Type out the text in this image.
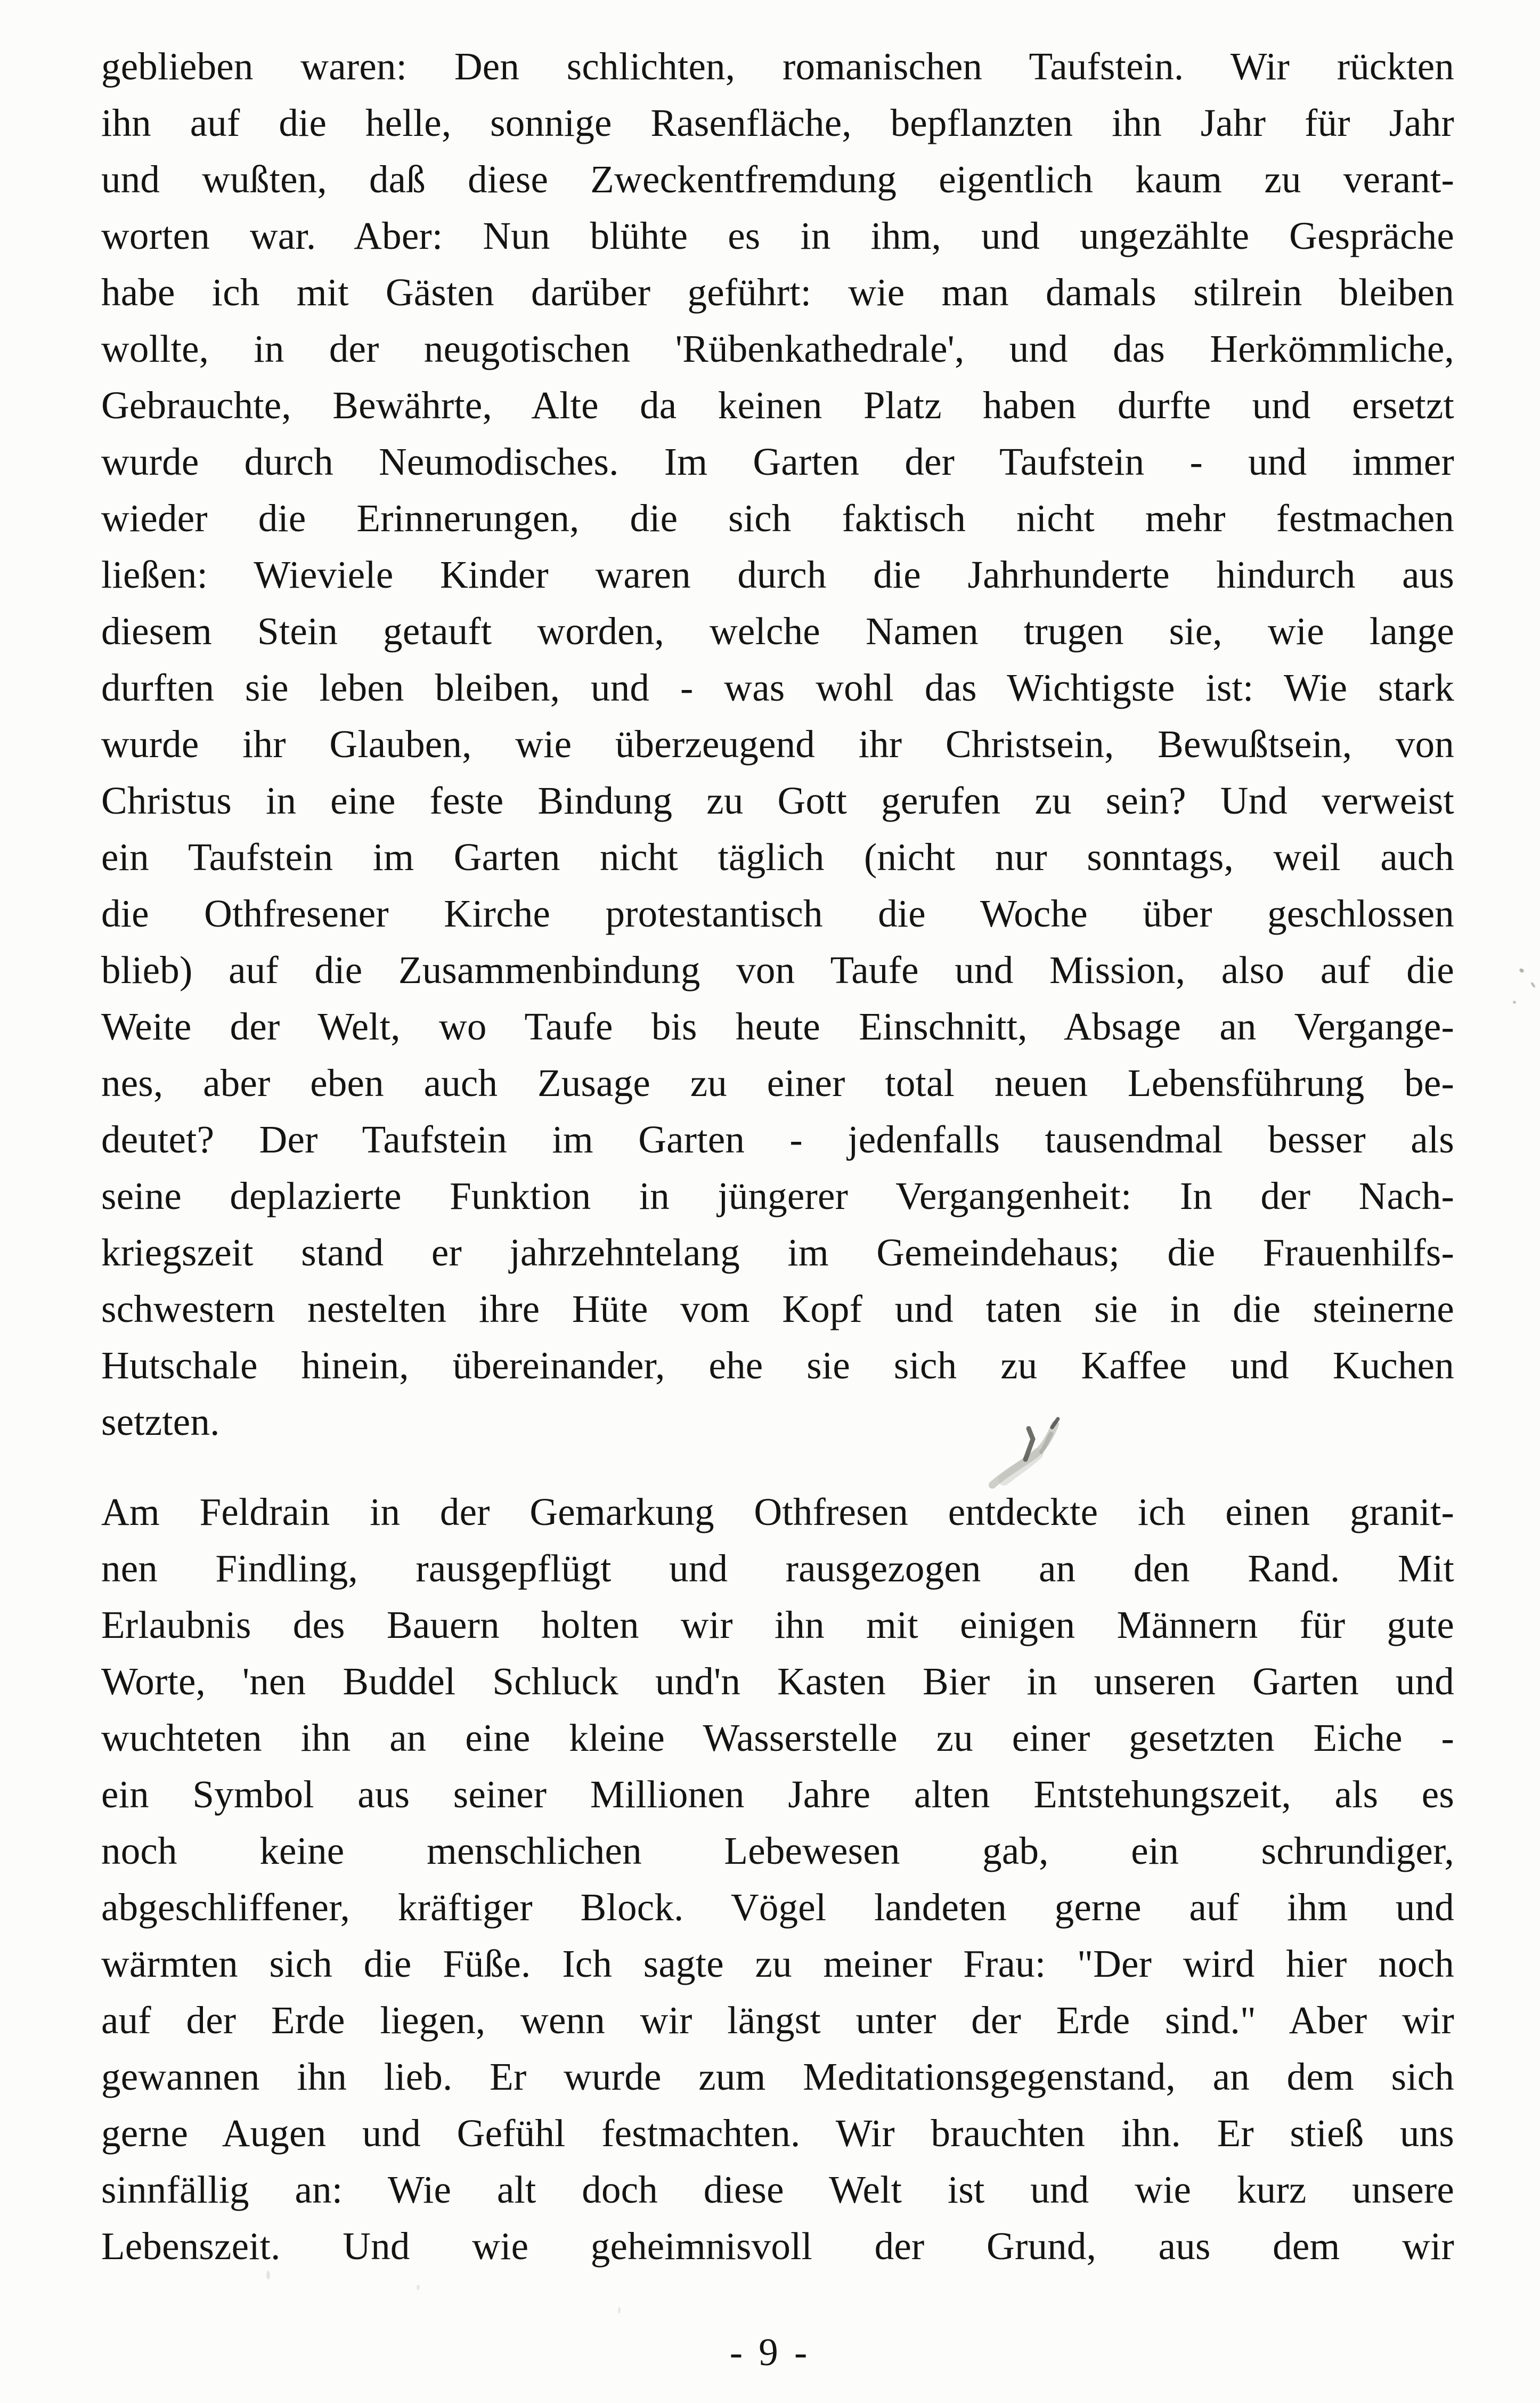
geblieben waren: Den schlichten, romanischen Taufstein. Wir rückten
ihn auf die helle, sonnige Rasenfläche, bepflanzten ihn Jahr für Jahr
und wußten, daß diese Zweckentfremdung eigentlich kaum zu verant-
worten war. Aber: Nun blühte es in ihm, und ungezählte Gespräche
habe ich mit Gästen darüber geführt: wie man damals stilrein bleiben
wollte, in der neugotischen 'Rübenkathedrale', und das Herkömmliche,
Gebrauchte, Bewährte, Alte da keinen Platz haben durfte und ersetzt
wurde durch Neumodisches. Im Garten der Taufstein - und immer
wieder die Erinnerungen, die sich faktisch nicht mehr festmachen
ließen: Wieviele Kinder waren durch die Jahrhunderte hindurch aus
diesem Stein getauft worden, welche Namen trugen sie, wie lange
durften sie leben bleiben, und - was wohl das Wichtigste ist: Wie stark
wurde ihr Glauben, wie überzeugend ihr Christsein, Bewußtsein, von
Christus in eine feste Bindung zu Gott gerufen zu sein? Und verweist
ein Taufstein im Garten nicht täglich (nicht nur sonntags, weil auch
die Othfresener Kirche protestantisch die Woche über geschlossen
blieb) auf die Zusammenbindung von Taufe und Mission, also auf die
Weite der Welt, wo Taufe bis heute Einschnitt, Absage an Vergange-
nes, aber eben auch Zusage zu einer total neuen Lebensführung be-
deutet? Der Taufstein im Garten - jedenfalls tausendmal besser als
seine deplazierte Funktion in jüngerer Vergangenheit: In der Nach-
kriegszeit stand er jahrzehntelang im Gemeindehaus; die Frauenhilfs-
schwestern nestelten ihre Hüte vom Kopf und taten sie in die steinerne
Hutschale hinein, übereinander, ehe sie sich zu Kaffee und Kuchen
setzten.
Am Feldrain in der Gemarkung Othfresen entdeckte ich einen granit-
nen Findling, rausgepflügt und rausgezogen an den Rand. Mit
Erlaubnis des Bauern holten wir ihn mit einigen Männern für gute
Worte, 'nen Buddel Schluck und'n Kasten Bier in unseren Garten und
wuchteten ihn an eine kleine Wasserstelle zu einer gesetzten Eiche -
ein Symbol aus seiner Millionen Jahre alten Entstehungszeit, als es
noch keine menschlichen Lebewesen gab, ein schrundiger,
abgeschliffener, kräftiger Block. Vögel landeten gerne auf ihm und
wärmten sich die Füße. Ich sagte zu meiner Frau: "Der wird hier noch
auf der Erde liegen, wenn wir längst unter der Erde sind." Aber wir
gewannen ihn lieb. Er wurde zum Meditationsgegenstand, an dem sich
gerne Augen und Gefühl festmachten. Wir brauchten ihn. Er stieß uns
sinnfällig an: Wie alt doch diese Welt ist und wie kurz unsere
Lebenszeit. Und wie geheimnisvoll der Grund, aus dem wir
- 9 -
